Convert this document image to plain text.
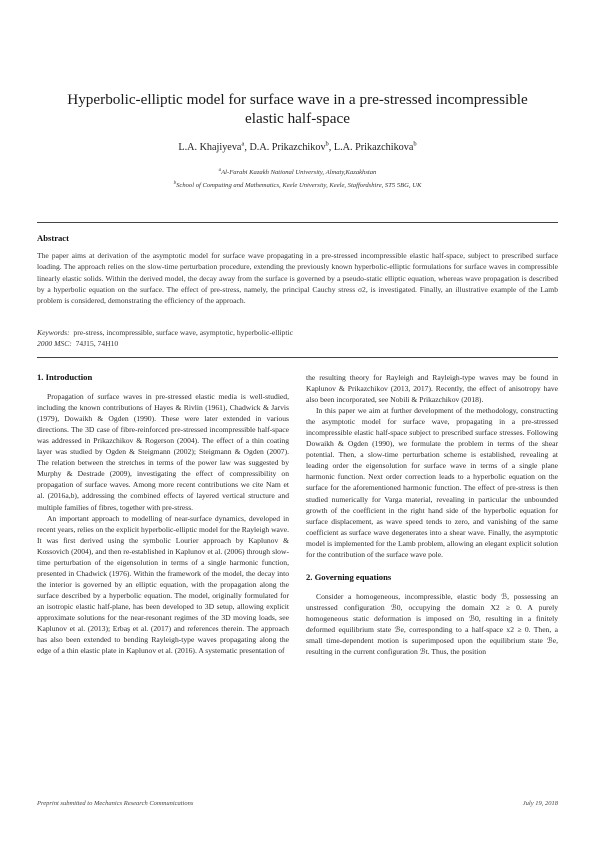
Hyperbolic-elliptic model for surface wave in a pre-stressed incompressible elastic half-space
L.A. Khajiyeva$^a$, D.A. Prikazchikov$^b$, L.A. Prikazchikova$^b$
$^a$Al-Farabi Kazakh National University, Almaty,Kazakhstan
$^b$School of Computing and Mathematics, Keele University, Keele, Staffordshire, ST5 5BG, UK
Abstract
The paper aims at derivation of the asymptotic model for surface wave propagating in a pre-stressed incompressible elastic half-space, subject to prescribed surface loading. The approach relies on the slow-time perturbation procedure, extending the previously known hyperbolic-elliptic formulations for surface waves in compressible linearly elastic solids. Within the derived model, the decay away from the surface is governed by a pseudo-static elliptic equation, whereas wave propagation is described by a hyperbolic equation on the surface. The effect of pre-stress, namely, the principal Cauchy stress σ2, is investigated. Finally, an illustrative example of the Lamb problem is considered, demonstrating the efficiency of the approach.
Keywords: pre-stress, incompressible, surface wave, asymptotic, hyperbolic-elliptic
2000 MSC: 74J15, 74H10
1. Introduction

Propagation of surface waves in pre-stressed elastic media is well-studied, including the known contributions of Hayes & Rivlin (1961), Chadwick & Jarvis (1979), Dowaikh & Ogden (1990). These were later extended in various directions. The 3D case of fibre-reinforced pre-stressed incompressible half-space was addressed in Prikazchikov & Rogerson (2004). The effect of a thin coating layer was studied by Ogden & Steigmann (2002); Steigmann & Ogden (2007). The relation between the stretches in terms of the power law was suggested by Murphy & Destrade (2009), investigating the effect of compressibility on propagation of surface waves. Among more recent contributions we cite Nam et al. (2016a,b), addressing the combined effects of layered vertical structure and multiple families of fibres, together with pre-stress.

An important approach to modelling of near-surface dynamics, developed in recent years, relies on the explicit hyperbolic-elliptic model for the Rayleigh wave. It was first derived using the symbolic Lourier approach by Kaplunov & Kossovich (2004), and then re-established in Kaplunov et al. (2006) through slow-time perturbation of the eigensolution in terms of a single harmonic function, presented in Chadwick (1976). Within the framework of the model, the decay into the interior is governed by an elliptic equation, with the propagation along the surface described by a hyperbolic equation. The model, originally formulated for an isotropic elastic half-plane, has been developed to 3D setup, allowing explicit approximate solutions for the near-resonant regimes of the 3D moving loads, see Kaplunov et al. (2013); Erbaş et al. (2017) and references therein. The approach has also been extended to bending Rayleigh-type waves propagating along the edge of a thin elastic plate in Kaplunov et al. (2016). A systematic presentation of

the resulting theory for Rayleigh and Rayleigh-type waves may be found in Kaplunov & Prikazchikov (2013, 2017). Recently, the effect of anisotropy have also been incorporated, see Nobili & Prikazchikov (2018).

In this paper we aim at further development of the methodology, constructing the asymptotic model for surface wave, propagating in a pre-stressed incompressible elastic half-space subject to prescribed surface stresses. Following Dowaikh & Ogden (1990), we formulate the problem in terms of the shear potential. Then, a slow-time perturbation scheme is established, revealing at leading order the eigensolution for surface wave in terms of a single plane harmonic function. Next order correction leads to a hyperbolic equation on the surface for the aforementioned harmonic function. The effect of pre-stress is then studied numerically for Varga material, revealing in particular the unbounded growth of the coefficient in the right hand side of the hyperbolic equation for surface displacement, as wave speed tends to zero, and vanishing of the same coefficient as surface wave degenerates into a shear wave. Finally, the asymptotic model is implemented for the Lamb problem, allowing an elegant explicit solution for the contribution of the surface wave pole.

2. Governing equations

Consider a homogeneous, incompressible, elastic body ℬ, possessing an unstressed configuration ℬ0, occupying the domain X2 ≥ 0. A purely homogeneous static deformation is imposed on ℬ0, resulting in a finitely deformed equilibrium state ℬe, corresponding to a half-space x2 ≥ 0. Then, a small time-dependent motion is superimposed upon the equilibrium state ℬe, resulting in the current configuration ℬt. Thus, the position

Preprint submitted to Mechanics Research Communications	July 19, 2018
